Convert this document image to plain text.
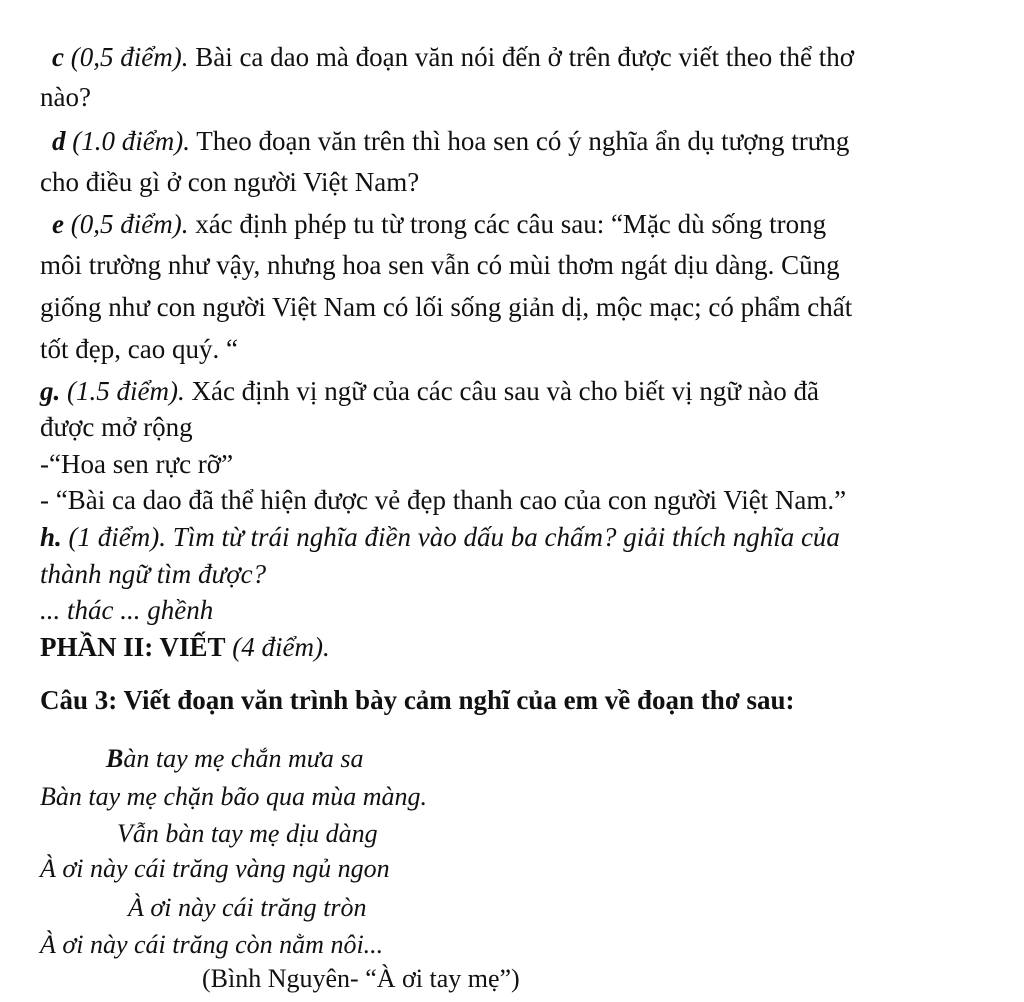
c (0,5 điểm). Bài ca dao mà đoạn văn nói đến ở trên được viết theo thể thơ
nào?
d (1.0 điểm). Theo đoạn văn trên thì hoa sen có ý nghĩa ẩn dụ tượng trưng
cho điều gì ở con người Việt Nam?
e (0,5 điểm). xác định phép tu từ trong các câu sau: “Mặc dù sống trong
môi trường như vậy, nhưng hoa sen vẫn có mùi thơm ngát dịu dàng. Cũng
giống như con người Việt Nam có lối sống giản dị, mộc mạc; có phẩm chất
tốt đẹp, cao quý. “
g. (1.5 điểm). Xác định vị ngữ của các câu sau và cho biết vị ngữ nào đã
được mở rộng
-“Hoa sen rực rỡ”
- “Bài ca dao đã thể hiện được vẻ đẹp thanh cao của con người Việt Nam.”
h. (1 điểm). Tìm từ trái nghĩa điền vào dấu ba chấm? giải thích nghĩa của
thành ngữ tìm được?
... thác ... ghềnh
PHẦN II: VIẾT (4 điểm).
Câu 3: Viết đoạn văn trình bày cảm nghĩ của em về đoạn thơ sau:
Bàn tay mẹ chắn mưa sa
Bàn tay mẹ chặn bão qua mùa màng.
Vẫn bàn tay mẹ dịu dàng
À ơi này cái trăng vàng ngủ ngon
À ơi này cái trăng tròn
À ơi này cái trăng còn nằm nôi...
(Bình Nguyên- “À ơi tay mẹ”)
